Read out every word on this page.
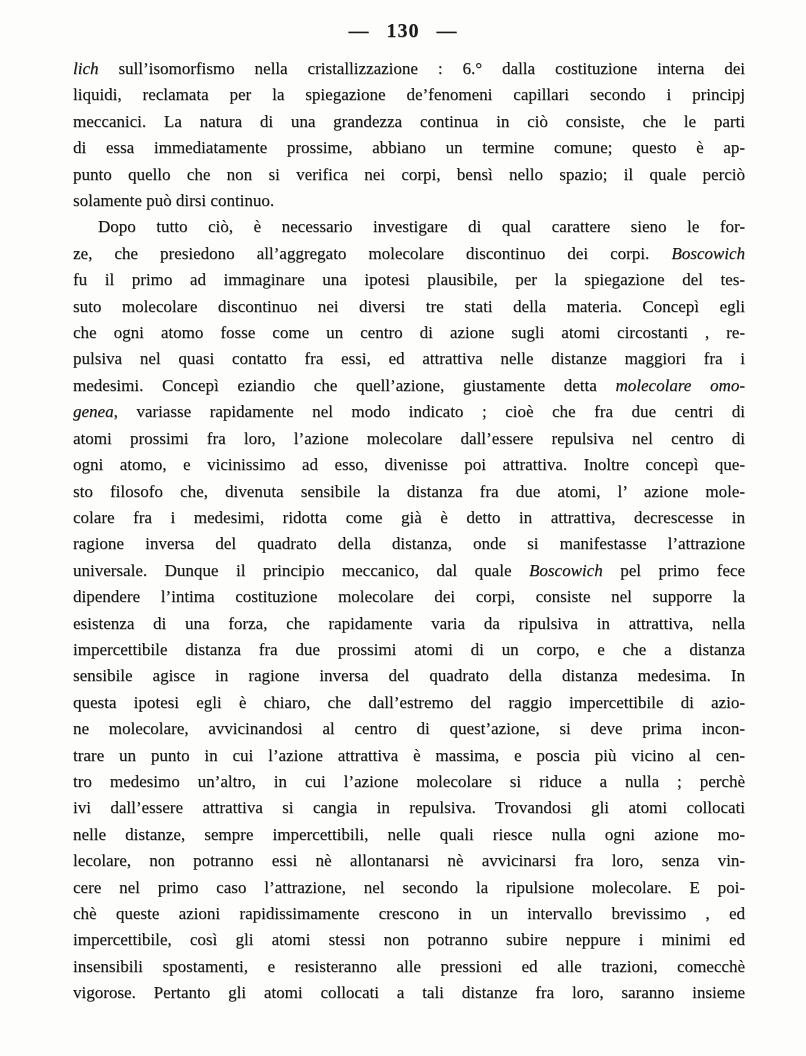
— 130 —
lich sull’isomorfismo nella cristallizzazione : 6.° dalla costituzione interna dei
liquidi, reclamata per la spiegazione de’fenomeni capillari secondo i principj
meccanici. La natura di una grandezza continua in ciò consiste, che le parti
di essa immediatamente prossime, abbiano un termine comune; questo è ap-
punto quello che non si verifica nei corpi, bensì nello spazio; il quale perciò
solamente può dirsi continuo.
Dopo tutto ciò, è necessario investigare di qual carattere sieno le for-
ze, che presiedono all’aggregato molecolare discontinuo dei corpi. Boscowich
fu il primo ad immaginare una ipotesi plausibile, per la spiegazione del tes-
suto molecolare discontinuo nei diversi tre stati della materia. Concepì egli
che ogni atomo fosse come un centro di azione sugli atomi circostanti , re-
pulsiva nel quasi contatto fra essi, ed attrattiva nelle distanze maggiori fra i
medesimi. Concepì eziandio che quell’azione, giustamente detta molecolare omo-
genea, variasse rapidamente nel modo indicato ; cioè che fra due centri di
atomi prossimi fra loro, l’azione molecolare dall’essere repulsiva nel centro di
ogni atomo, e vicinissimo ad esso, divenisse poi attrattiva. Inoltre concepì que-
sto filosofo che, divenuta sensibile la distanza fra due atomi, l’ azione mole-
colare fra i medesimi, ridotta come già è detto in attrattiva, decrescesse in
ragione inversa del quadrato della distanza, onde si manifestasse l’attrazione
universale. Dunque il principio meccanico, dal quale Boscowich pel primo fece
dipendere l’intima costituzione molecolare dei corpi, consiste nel supporre la
esistenza di una forza, che rapidamente varia da ripulsiva in attrattiva, nella
impercettibile distanza fra due prossimi atomi di un corpo, e che a distanza
sensibile agisce in ragione inversa del quadrato della distanza medesima. In
questa ipotesi egli è chiaro, che dall’estremo del raggio impercettibile di azio-
ne molecolare, avvicinandosi al centro di quest’azione, si deve prima incon-
trare un punto in cui l’azione attrattiva è massima, e poscia più vicino al cen-
tro medesimo un’altro, in cui l’azione molecolare si riduce a nulla ; perchè
ivi dall’essere attrattiva si cangia in repulsiva. Trovandosi gli atomi collocati
nelle distanze, sempre impercettibili, nelle quali riesce nulla ogni azione mo-
lecolare, non potranno essi nè allontanarsi nè avvicinarsi fra loro, senza vin-
cere nel primo caso l’attrazione, nel secondo la ripulsione molecolare. E poi-
chè queste azioni rapidissimamente crescono in un intervallo brevissimo , ed
impercettibile, così gli atomi stessi non potranno subire neppure i minimi ed
insensibili spostamenti, e resisteranno alle pressioni ed alle trazioni, comecchè
vigorose. Pertanto gli atomi collocati a tali distanze fra loro, saranno insieme
